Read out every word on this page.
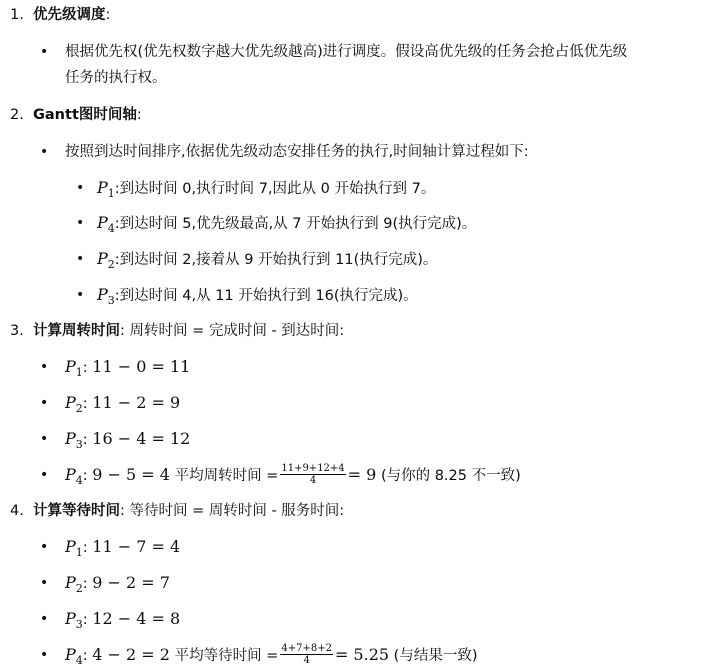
1. 优先级调度:
• 根据优先权(优先权数字越大优先级越高)进行调度。假设高优先级的任务会抢占低优先级
任务的执行权。
2. Gantt图时间轴:
• 按照到达时间排序,依据优先级动态安排任务的执行,时间轴计算过程如下:
• $P_1$:到达时间 0,执行时间 7,因此从 0 开始执行到 7。
• $P_4$:到达时间 5,优先级最高,从 7 开始执行到 9(执行完成)。
• $P_2$:到达时间 2,接着从 9 开始执行到 11(执行完成)。
• $P_3$:到达时间 4,从 11 开始执行到 16(执行完成)。
3. 计算周转时间: 周转时间 = 完成时间 - 到达时间:
• $P_1$: 11 − 0 = 11
• $P_2$: 11 − 2 = 9
• $P_3$: 16 − 4 = 12
• $P_4$: 9 − 5 = 4 平均周转时间 = $\frac{11+9+12+4}{4} = 9$ (与你的 8.25 不一致)
4. 计算等待时间: 等待时间 = 周转时间 - 服务时间:
• $P_1$: 11 − 7 = 4
• $P_2$: 9 − 2 = 7
• $P_3$: 12 − 4 = 8
• $P_4$: 4 − 2 = 2 平均等待时间 = $\frac{4+7+8+2}{4} = 5.25$ (与结果一致)
